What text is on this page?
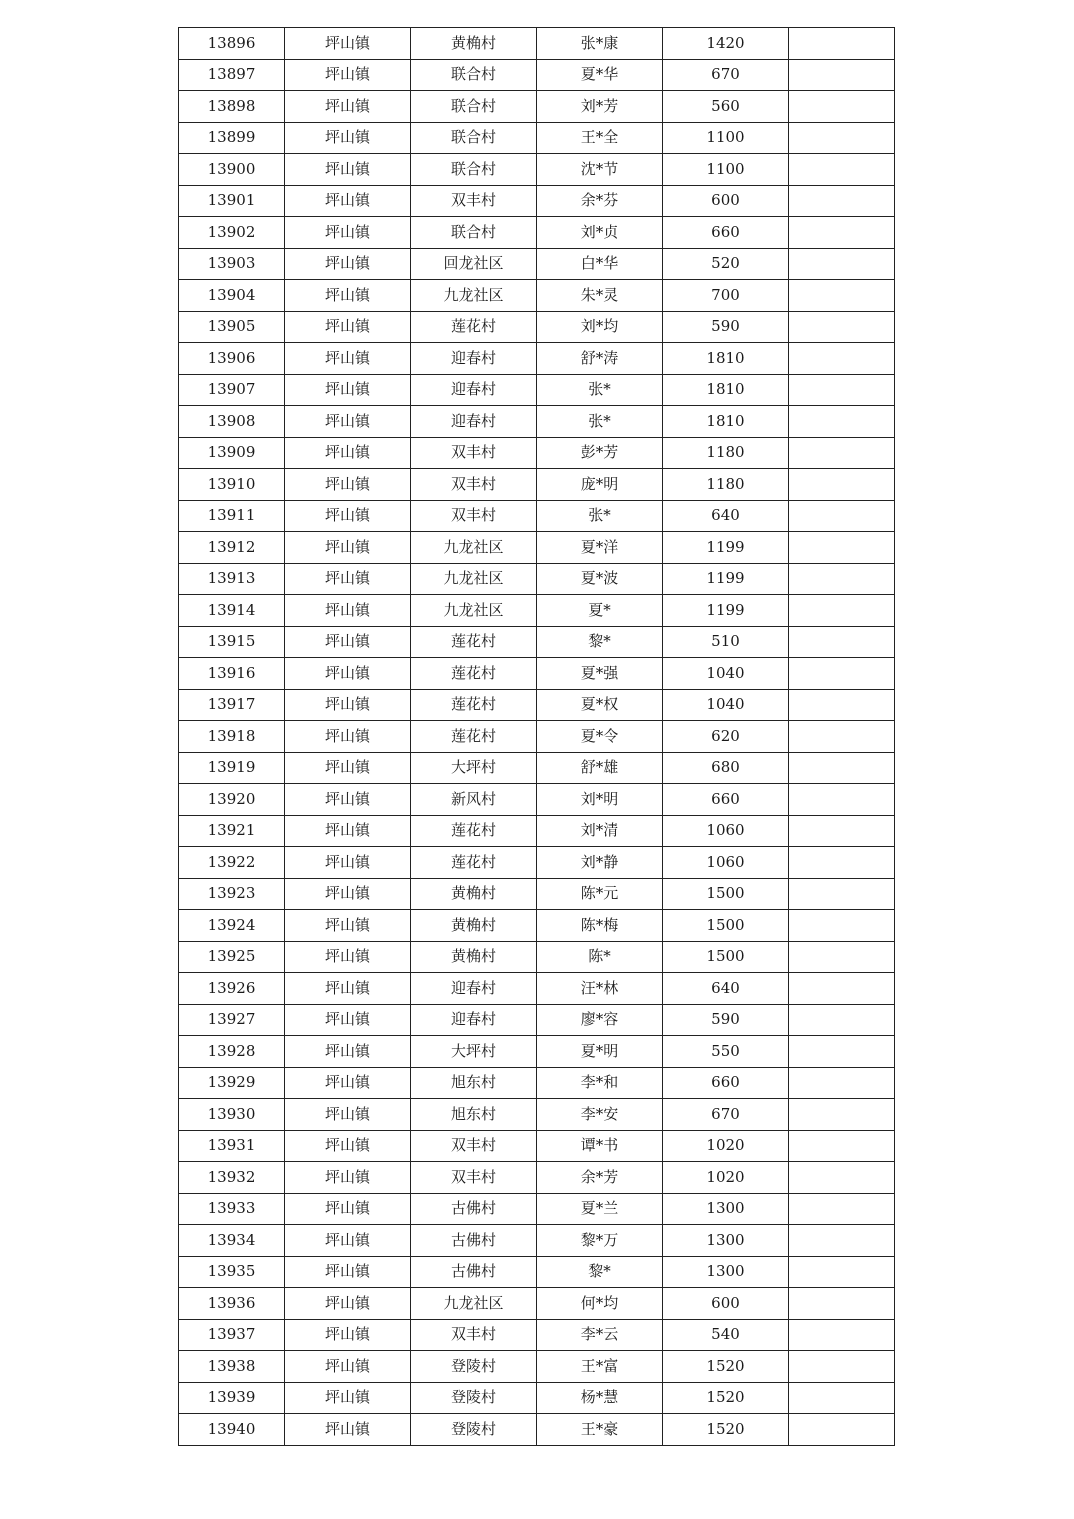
13896	坪山镇	黄桷村	张*康	1420	
13897	坪山镇	联合村	夏*华	670	
13898	坪山镇	联合村	刘*芳	560	
13899	坪山镇	联合村	王*全	1100	
13900	坪山镇	联合村	沈*节	1100	
13901	坪山镇	双丰村	余*芬	600	
13902	坪山镇	联合村	刘*贞	660	
13903	坪山镇	回龙社区	白*华	520	
13904	坪山镇	九龙社区	朱*灵	700	
13905	坪山镇	莲花村	刘*均	590	
13906	坪山镇	迎春村	舒*涛	1810	
13907	坪山镇	迎春村	张*	1810	
13908	坪山镇	迎春村	张*	1810	
13909	坪山镇	双丰村	彭*芳	1180	
13910	坪山镇	双丰村	庞*明	1180	
13911	坪山镇	双丰村	张*	640	
13912	坪山镇	九龙社区	夏*洋	1199	
13913	坪山镇	九龙社区	夏*波	1199	
13914	坪山镇	九龙社区	夏*	1199	
13915	坪山镇	莲花村	黎*	510	
13916	坪山镇	莲花村	夏*强	1040	
13917	坪山镇	莲花村	夏*权	1040	
13918	坪山镇	莲花村	夏*令	620	
13919	坪山镇	大坪村	舒*雄	680	
13920	坪山镇	新风村	刘*明	660	
13921	坪山镇	莲花村	刘*清	1060	
13922	坪山镇	莲花村	刘*静	1060	
13923	坪山镇	黄桷村	陈*元	1500	
13924	坪山镇	黄桷村	陈*梅	1500	
13925	坪山镇	黄桷村	陈*	1500	
13926	坪山镇	迎春村	汪*林	640	
13927	坪山镇	迎春村	廖*容	590	
13928	坪山镇	大坪村	夏*明	550	
13929	坪山镇	旭东村	李*和	660	
13930	坪山镇	旭东村	李*安	670	
13931	坪山镇	双丰村	谭*书	1020	
13932	坪山镇	双丰村	余*芳	1020	
13933	坪山镇	古佛村	夏*兰	1300	
13934	坪山镇	古佛村	黎*万	1300	
13935	坪山镇	古佛村	黎*	1300	
13936	坪山镇	九龙社区	何*均	600	
13937	坪山镇	双丰村	李*云	540	
13938	坪山镇	登陵村	王*富	1520	
13939	坪山镇	登陵村	杨*慧	1520	
13940	坪山镇	登陵村	王*豪	1520	
